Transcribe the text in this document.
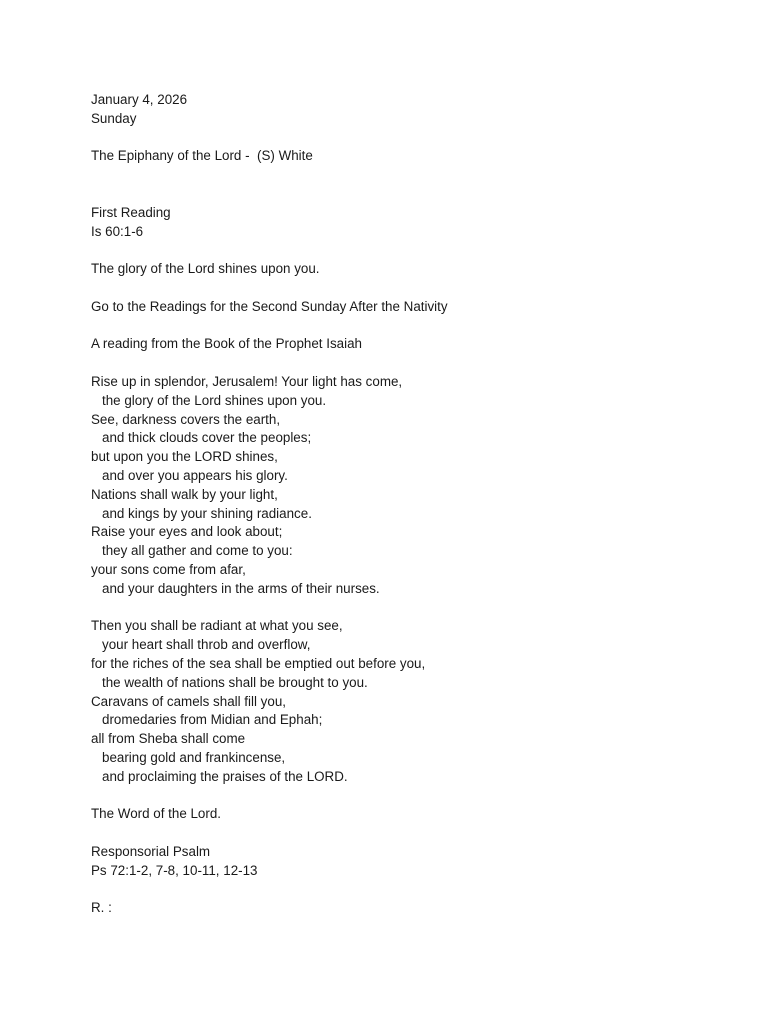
January 4, 2026
Sunday
The Epiphany of the Lord -  (S) White
First Reading
Is 60:1-6
The glory of the Lord shines upon you.
Go to the Readings for the Second Sunday After the Nativity
A reading from the Book of the Prophet Isaiah
Rise up in splendor, Jerusalem! Your light has come,
the glory of the Lord shines upon you.
See, darkness covers the earth,
and thick clouds cover the peoples;
but upon you the LORD shines,
and over you appears his glory.
Nations shall walk by your light,
and kings by your shining radiance.
Raise your eyes and look about;
they all gather and come to you:
your sons come from afar,
and your daughters in the arms of their nurses.
Then you shall be radiant at what you see,
your heart shall throb and overflow,
for the riches of the sea shall be emptied out before you,
the wealth of nations shall be brought to you.
Caravans of camels shall fill you,
dromedaries from Midian and Ephah;
all from Sheba shall come
bearing gold and frankincense,
and proclaiming the praises of the LORD.
The Word of the Lord.
Responsorial Psalm
Ps 72:1-2, 7-8, 10-11, 12-13
R. :
